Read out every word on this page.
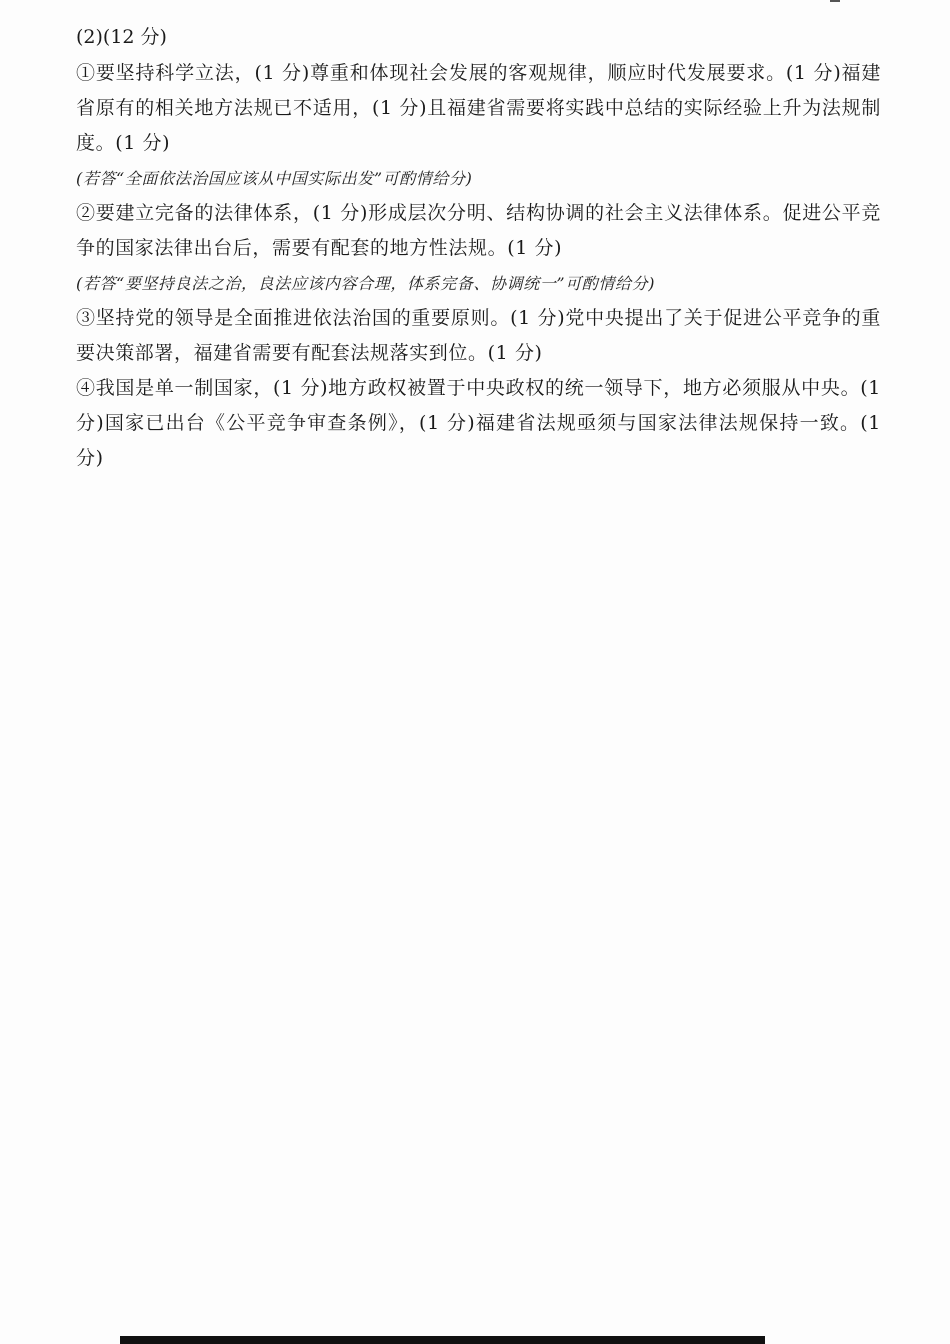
(2)(12 分)

①要坚持科学立法，(1 分)尊重和体现社会发展的客观规律，顺应时代发展要求。(1 分)福建省原有的相关地方法规已不适用，(1 分)且福建省需要将实践中总结的实际经验上升为法规制度。(1 分)

(若答“全面依法治国应该从中国实际出发”可酌情给分)

②要建立完备的法律体系，(1 分)形成层次分明、结构协调的社会主义法律体系。促进公平竞争的国家法律出台后，需要有配套的地方性法规。(1 分)

(若答“要坚持良法之治，良法应该内容合理，体系完备、协调统一”可酌情给分)

③坚持党的领导是全面推进依法治国的重要原则。(1 分)党中央提出了关于促进公平竞争的重要决策部署，福建省需要有配套法规落实到位。(1 分)

④我国是单一制国家，(1 分)地方政权被置于中央政权的统一领导下，地方必须服从中央。(1 分)国家已出台《公平竞争审查条例》，(1 分)福建省法规亟须与国家法律法规保持一致。(1 分)
